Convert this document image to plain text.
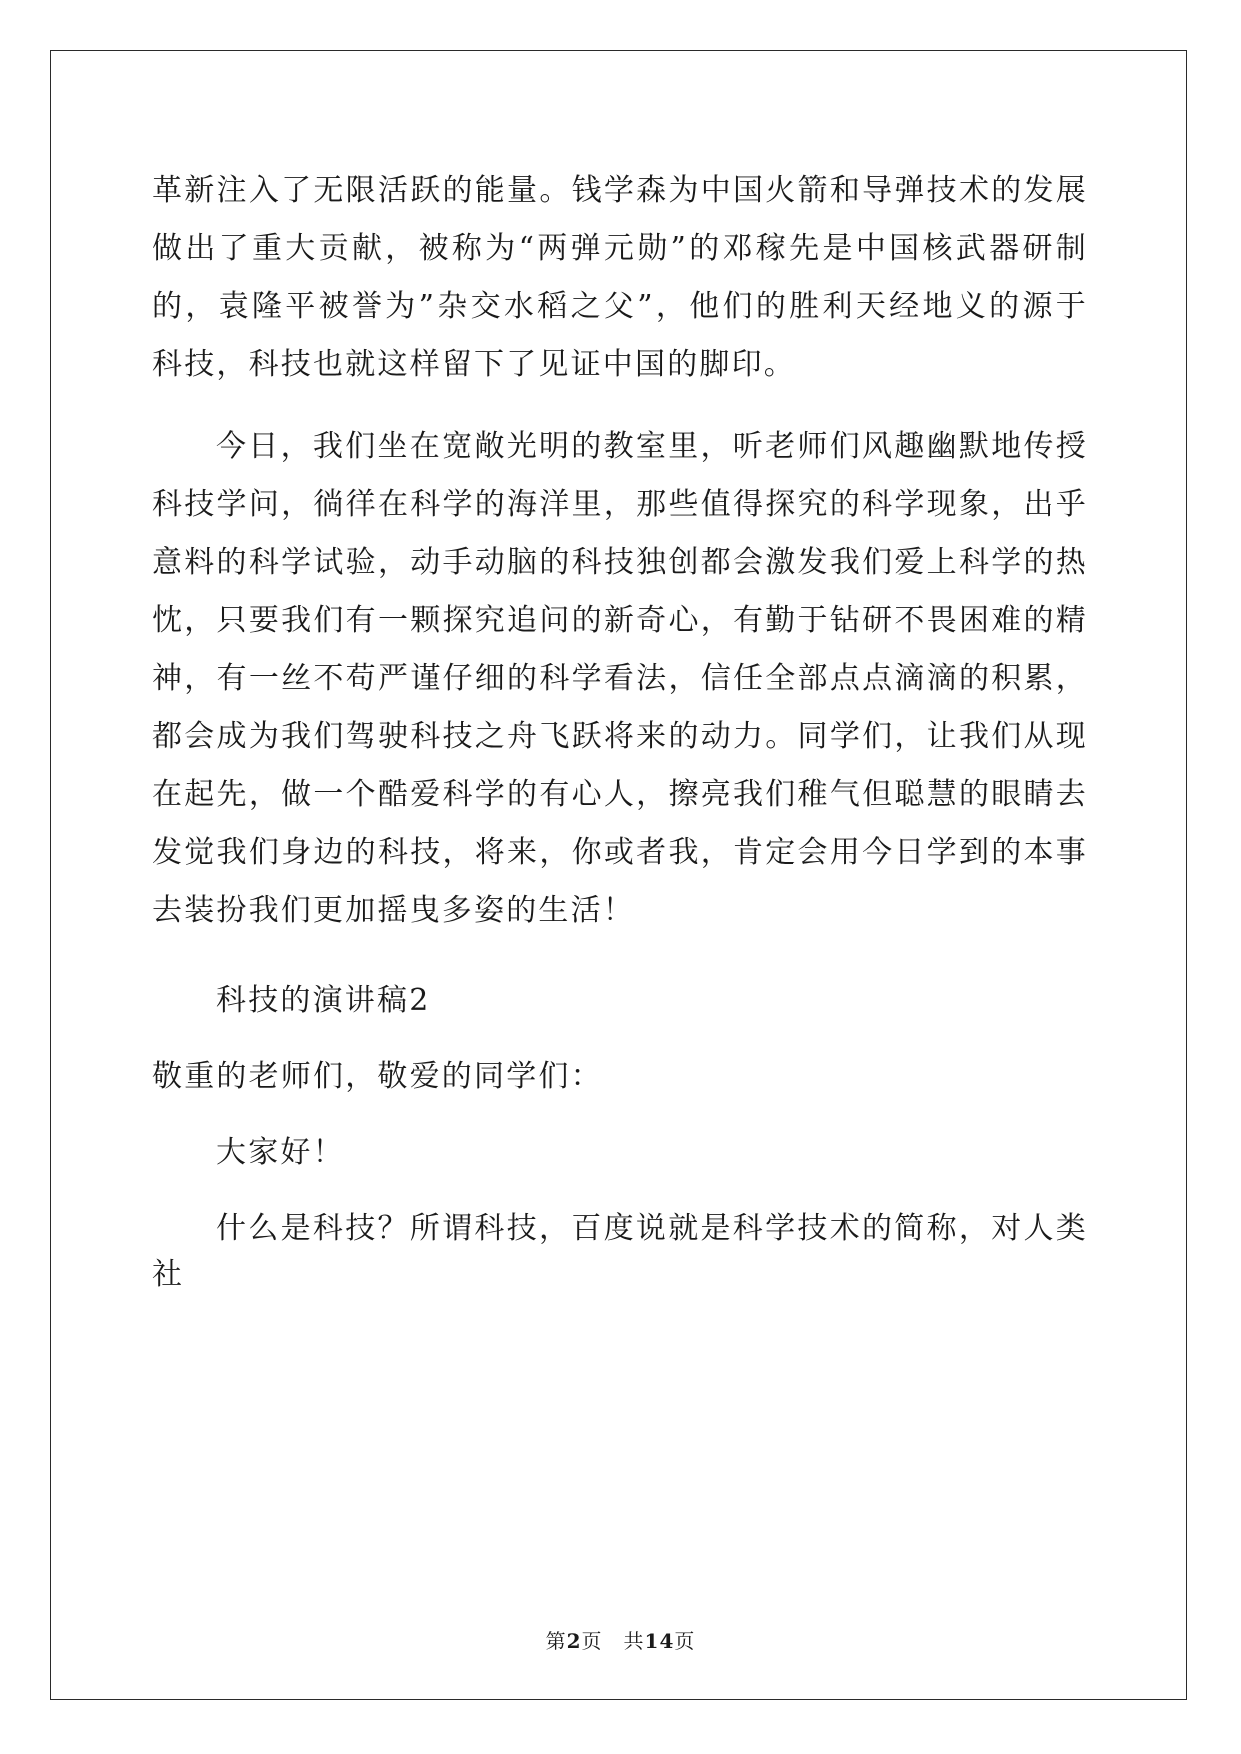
革新注入了无限活跃的能量。钱学森为中国火箭和导弹技术的发展做出了重大贡献，被称为“两弹元勋”的邓稼先是中国核武器研制的，袁隆平被誉为”杂交水稻之父”，他们的胜利天经地义的源于科技，科技也就这样留下了见证中国的脚印。

今日，我们坐在宽敞光明的教室里，听老师们风趣幽默地传授科技学问，徜徉在科学的海洋里，那些值得探究的科学现象，出乎意料的科学试验，动手动脑的科技独创都会激发我们爱上科学的热忱，只要我们有一颗探究追问的新奇心，有勤于钻研不畏困难的精神，有一丝不苟严谨仔细的科学看法，信任全部点点滴滴的积累，都会成为我们驾驶科技之舟飞跃将来的动力。同学们，让我们从现在起先，做一个酷爱科学的有心人，擦亮我们稚气但聪慧的眼睛去发觉我们身边的科技，将来，你或者我，肯定会用今日学到的本事去装扮我们更加摇曳多姿的生活！

科技的演讲稿2

敬重的老师们，敬爱的同学们：

大家好！

什么是科技？所谓科技，百度说就是科学技术的简称，对人类社

第2页　共14页
